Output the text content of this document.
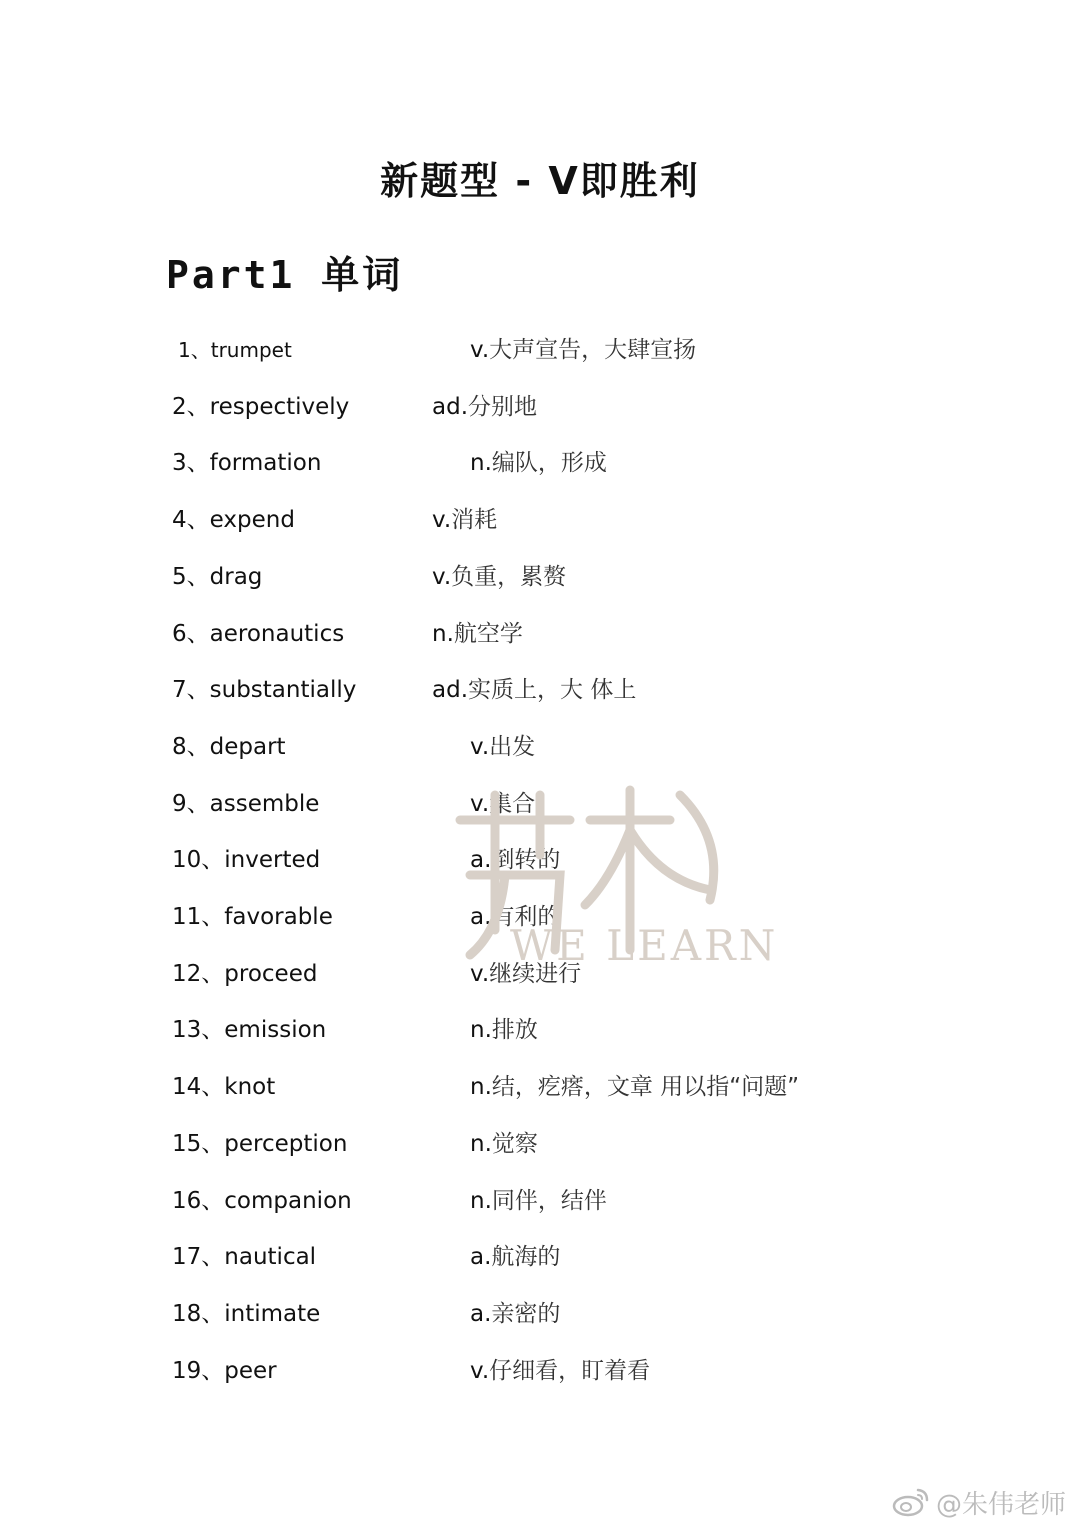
新题型 - V即胜利
Part1 单词
1、trumpet	v.大声宣告，大肆宣扬
2、respectively	ad.分别地
3、formation	n.编队，形成
4、expend	v.消耗
5、drag	v.负重，累赘
6、aeronautics	n.航空学
7、substantially	ad.实质上，大 体上
8、depart	v.出发
9、assemble	v.集合
10、inverted	a.倒转的
11、favorable	a.有利的
12、proceed	v.继续进行
13、emission	n.排放
14、knot	n.结，疙瘩，文章 用以指“问题”
15、perception	n.觉察
16、companion	n.同伴，结伴
17、nautical	a.航海的
18、intimate	a.亲密的
19、peer	v.仔细看，盯着看
WE LEARN
@朱伟老师
